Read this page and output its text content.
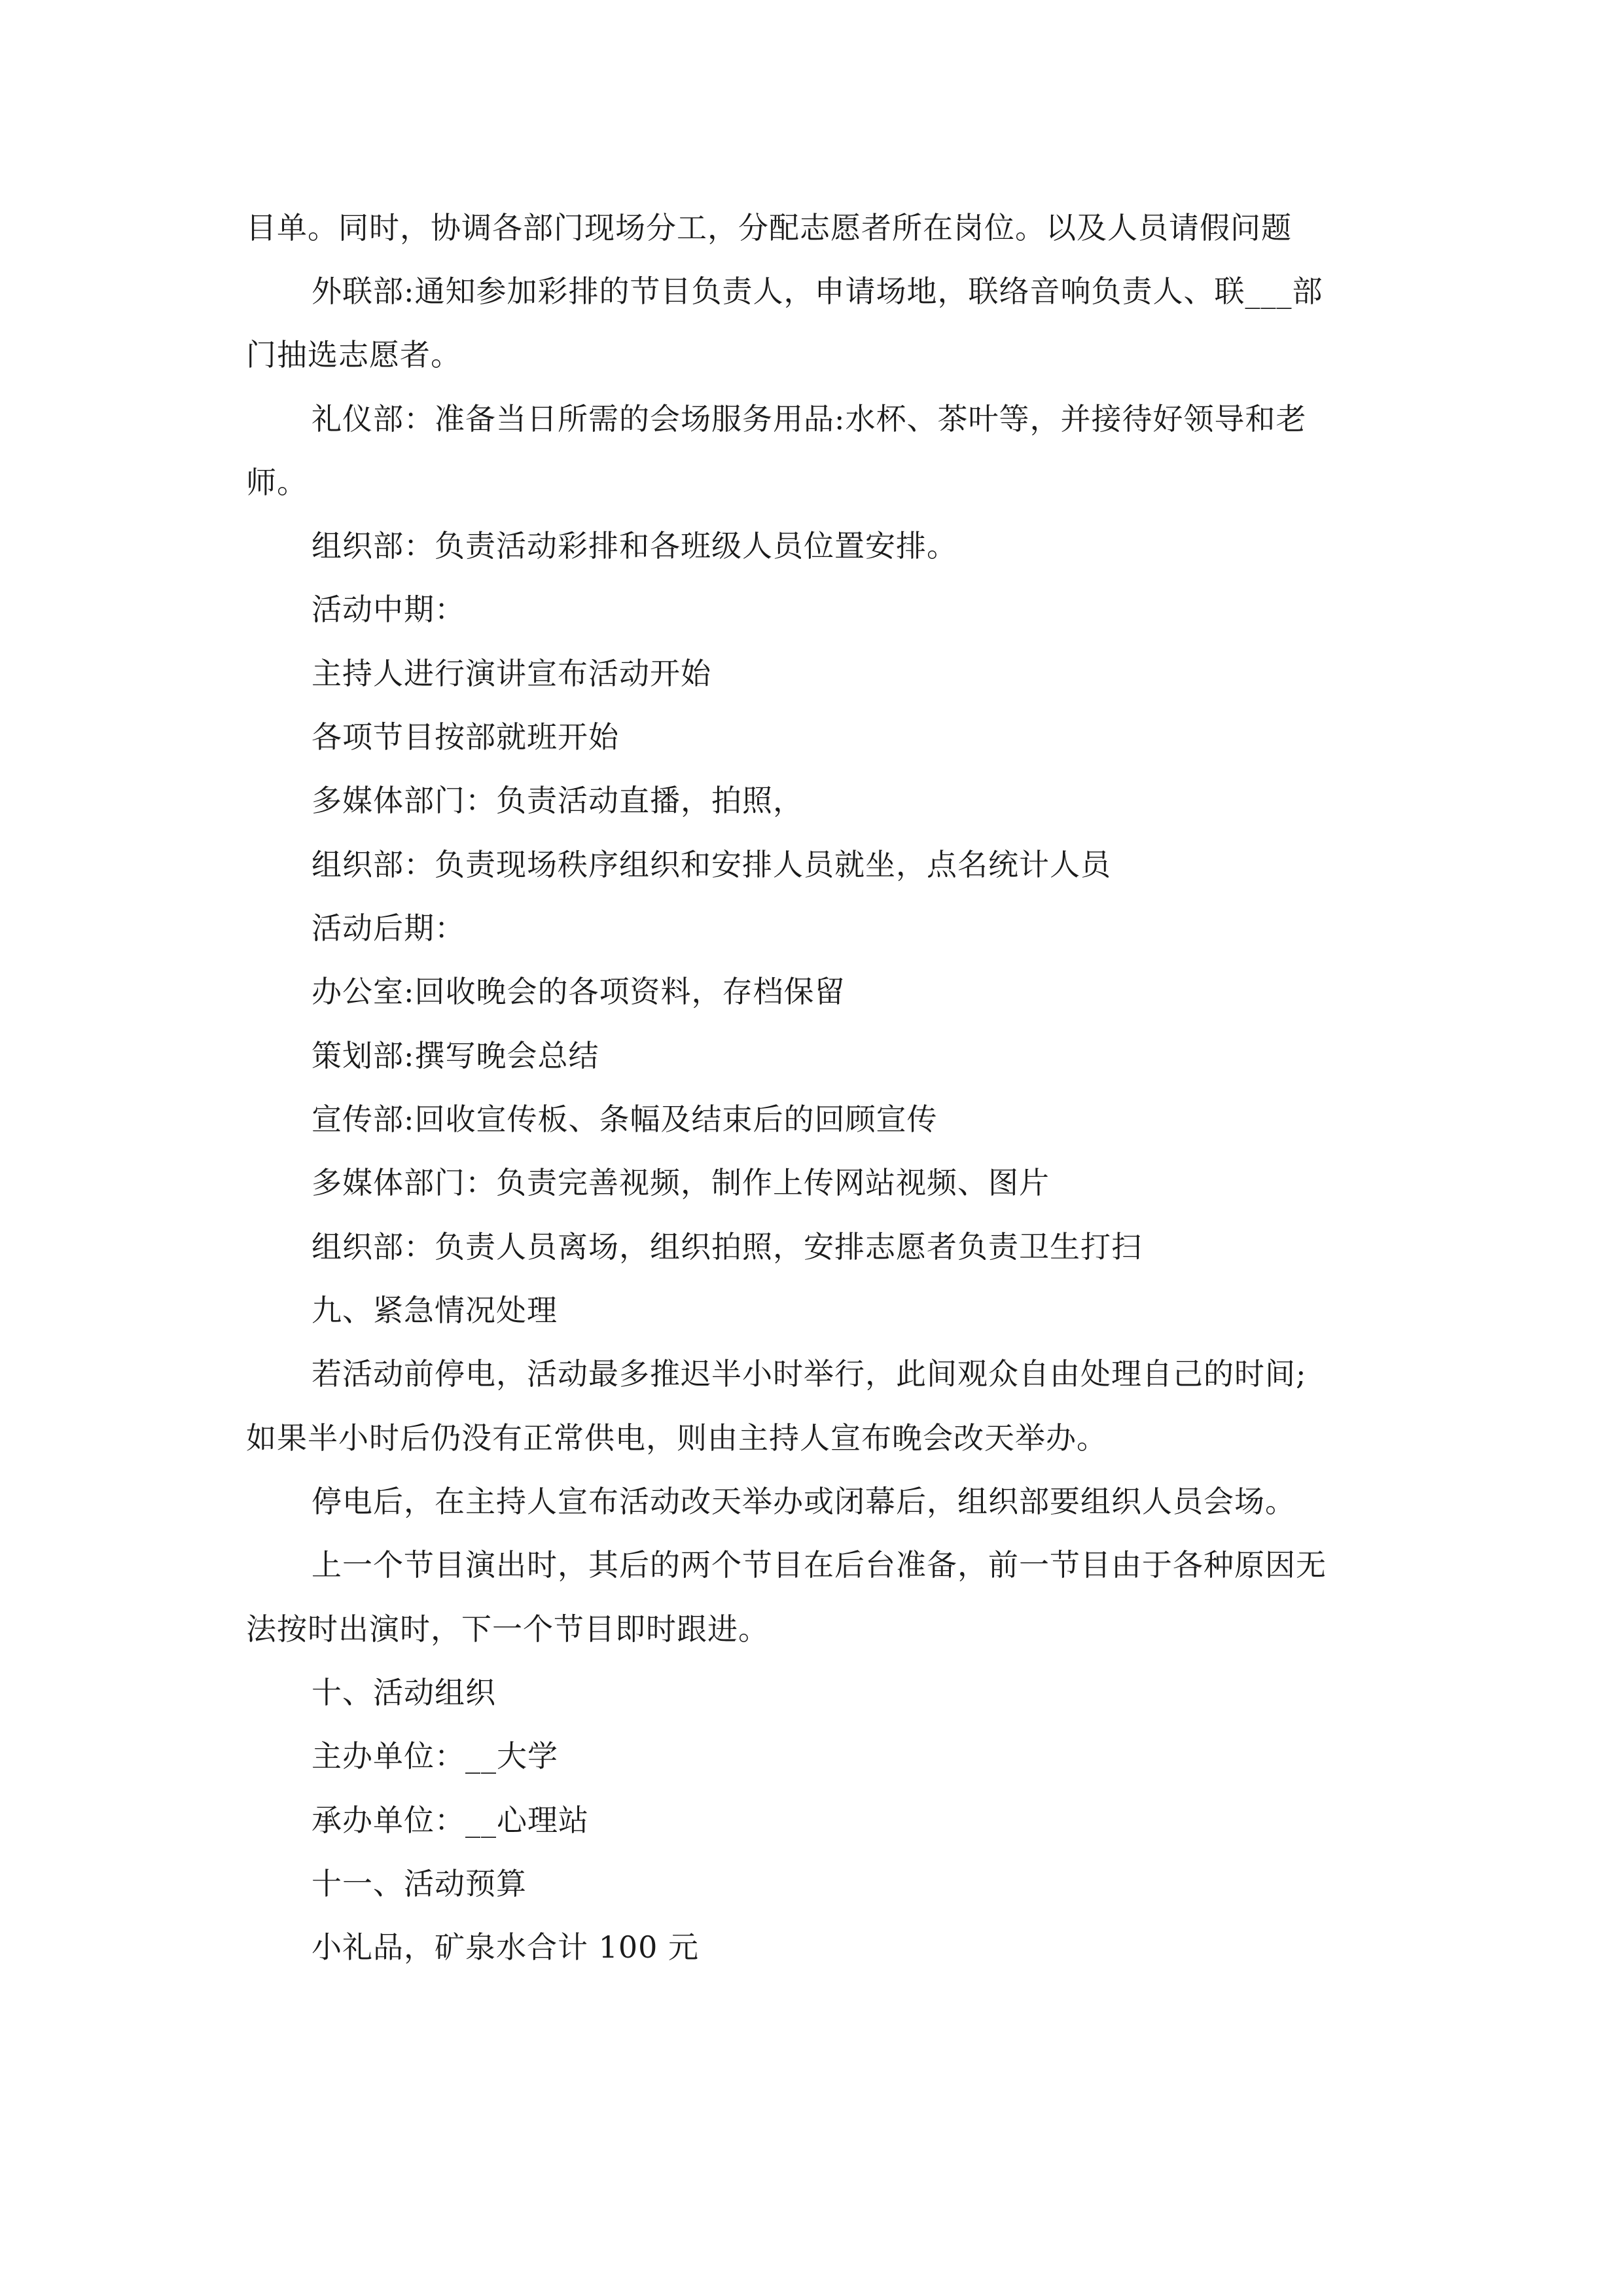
目单。同时，协调各部门现场分工，分配志愿者所在岗位。以及人员请假问题
外联部:通知参加彩排的节目负责人，申请场地，联络音响负责人、联___部
门抽选志愿者。
礼仪部：准备当日所需的会场服务用品:水杯、茶叶等，并接待好领导和老
师。
组织部：负责活动彩排和各班级人员位置安排。
活动中期：
主持人进行演讲宣布活动开始
各项节目按部就班开始
多媒体部门：负责活动直播，拍照，
组织部：负责现场秩序组织和安排人员就坐，点名统计人员
活动后期：
办公室:回收晚会的各项资料，存档保留
策划部:撰写晚会总结
宣传部:回收宣传板、条幅及结束后的回顾宣传
多媒体部门：负责完善视频，制作上传网站视频、图片
组织部：负责人员离场，组织拍照，安排志愿者负责卫生打扫
九、紧急情况处理
若活动前停电，活动最多推迟半小时举行，此间观众自由处理自己的时间;
如果半小时后仍没有正常供电，则由主持人宣布晚会改天举办。
停电后，在主持人宣布活动改天举办或闭幕后，组织部要组织人员会场。
上一个节目演出时，其后的两个节目在后台准备，前一节目由于各种原因无
法按时出演时，下一个节目即时跟进。
十、活动组织
主办单位：__大学
承办单位：__心理站
十一、活动预算
小礼品，矿泉水合计 100 元
